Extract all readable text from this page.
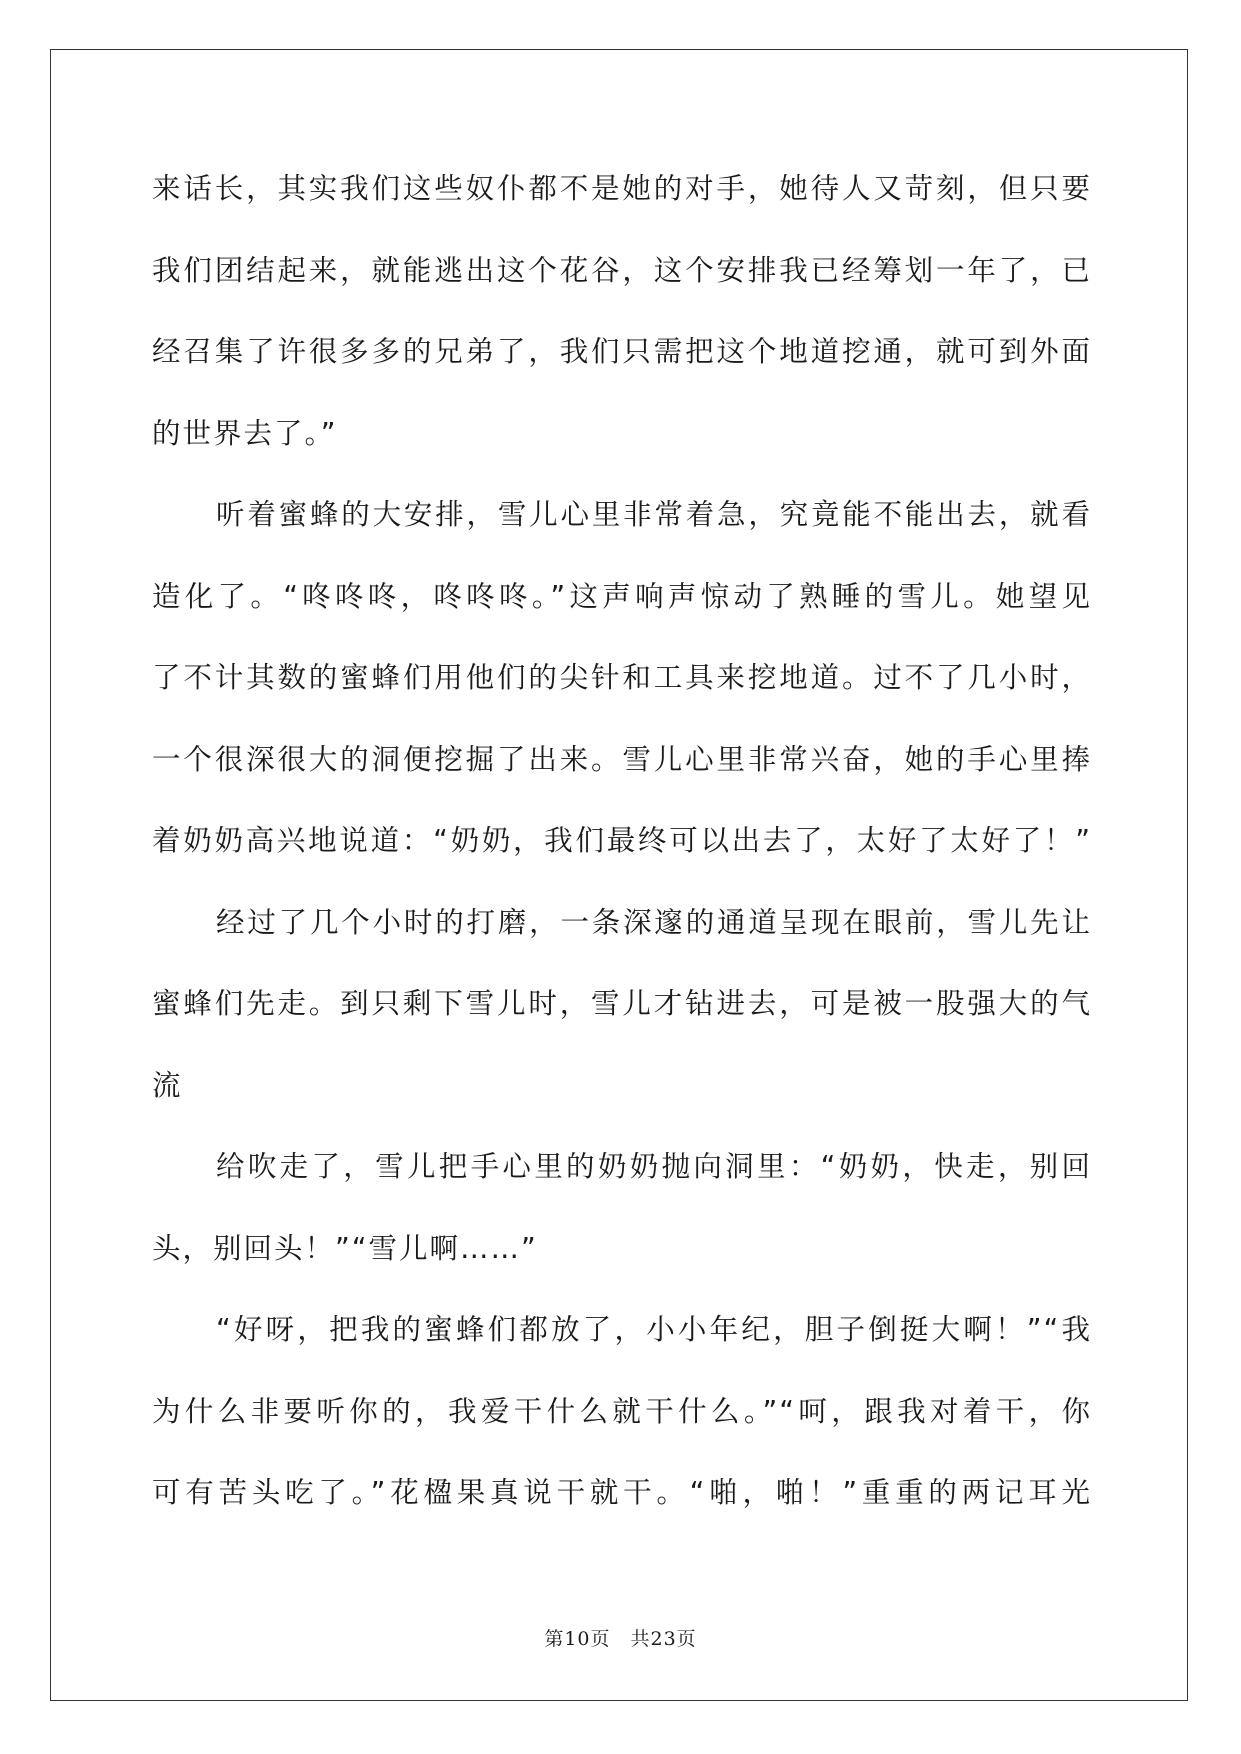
来话长，其实我们这些奴仆都不是她的对手，她待人又苛刻，但只要
我们团结起来，就能逃出这个花谷，这个安排我已经筹划一年了，已
经召集了许很多多的兄弟了，我们只需把这个地道挖通，就可到外面
的世界去了。”
听着蜜蜂的大安排，雪儿心里非常着急，究竟能不能出去，就看
造化了。“咚咚咚，咚咚咚。”这声响声惊动了熟睡的雪儿。她望见
了不计其数的蜜蜂们用他们的尖针和工具来挖地道。过不了几小时，
一个很深很大的洞便挖掘了出来。雪儿心里非常兴奋，她的手心里捧
着奶奶高兴地说道：“奶奶，我们最终可以出去了，太好了太好了！”
经过了几个小时的打磨，一条深邃的通道呈现在眼前，雪儿先让
蜜蜂们先走。到只剩下雪儿时，雪儿才钻进去，可是被一股强大的气
流
给吹走了，雪儿把手心里的奶奶抛向洞里：“奶奶，快走，别回
头，别回头！”“雪儿啊……”
“好呀，把我的蜜蜂们都放了，小小年纪，胆子倒挺大啊！”“我
为什么非要听你的，我爱干什么就干什么。”“呵，跟我对着干，你
可有苦头吃了。”花楹果真说干就干。“啪，啪！”重重的两记耳光
第10页　共23页
